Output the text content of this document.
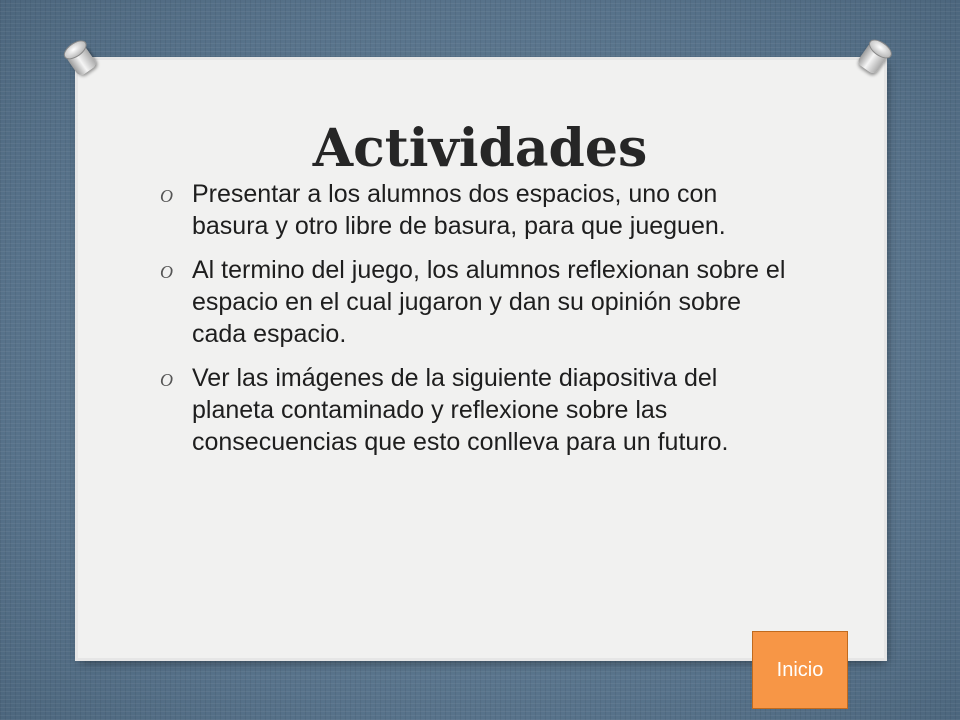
Actividades
O Presentar a los alumnos dos espacios, uno con basura y otro libre de basura, para que jueguen.
O Al termino del juego, los alumnos reflexionan sobre el espacio en el cual jugaron y dan su opinión sobre cada espacio.
O Ver las imágenes de la siguiente diapositiva del planeta contaminado y reflexione sobre las consecuencias que esto conlleva para un futuro.
Inicio
